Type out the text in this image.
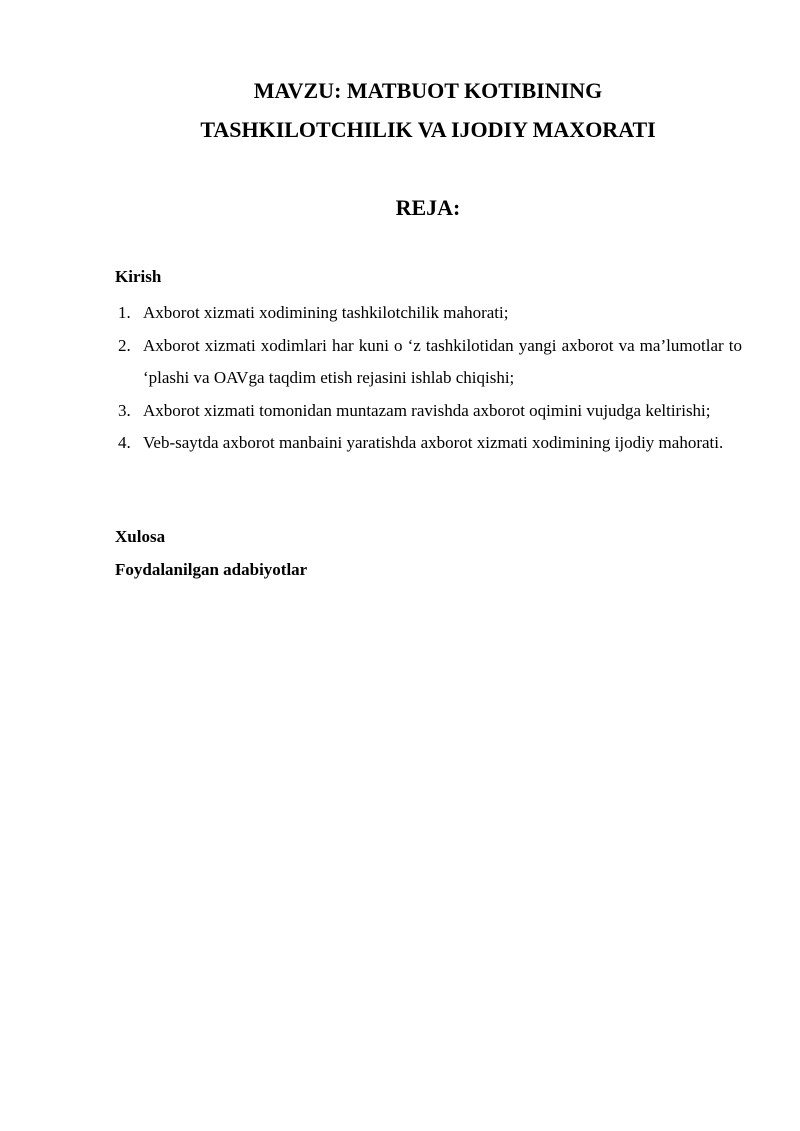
MAVZU: MATBUOT KOTIBINING
TASHKILOTCHILIK VA IJODIY MAXORATI
REJA:
Kirish
1. Axborot xizmati xodimining tashkilotchilik mahorati;
2. Axborot xizmati xodimlari har kuni o ‘z tashkilotidan yangi axborot va ma’lumotlar to ‘plashi va OAVga taqdim etish rejasini ishlab chiqishi;
3. Axborot xizmati tomonidan muntazam ravishda axborot oqimini vujudga keltirishi;
4. Veb-saytda axborot manbaini yaratishda axborot xizmati xodimining ijodiy mahorati.
Xulosa
Foydalanilgan adabiyotlar
